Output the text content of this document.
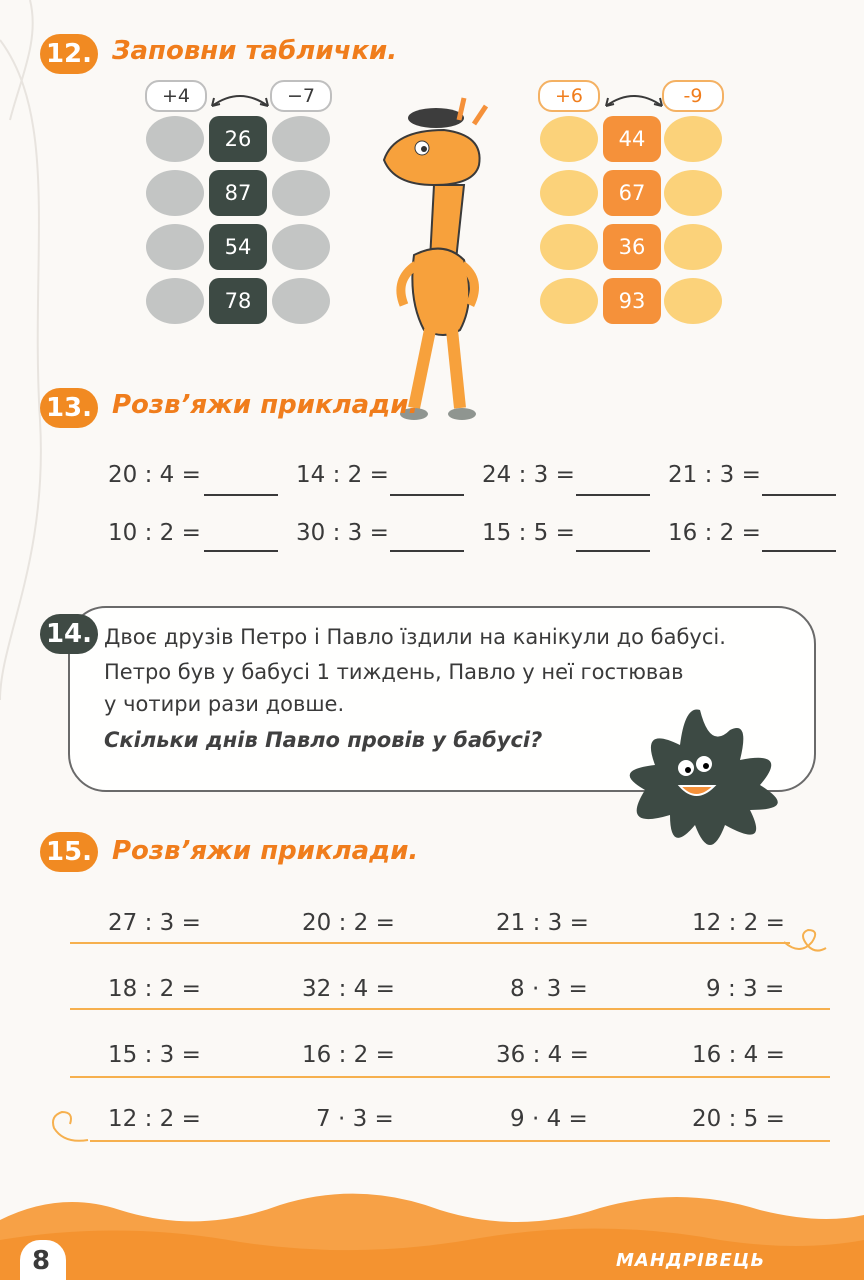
12. Заповни таблички.
+4	−7
26
87
54
78
+6	-9
44
67
36
93
13. Розв’яжи приклади.
20 : 4 =	14 : 2 =	24 : 3 =	21 : 3 =
10 : 2 =	30 : 3 =	15 : 5 =	16 : 2 =
14. Двоє друзів Петро і Павло їздили на канікули до бабусі.
Петро був у бабусі 1 тиждень, Павло у неї гостював
у чотири рази довше.
Скільки днів Павло провів у бабусі?
15. Розв’яжи приклади.
27 : 3 =	20 : 2 =	21 : 3 =	12 : 2 =
18 : 2 =	32 : 4 =	8 · 3 =	9 : 3 =
15 : 3 =	16 : 2 =	36 : 4 =	16 : 4 =
12 : 2 =	7 · 3 =	9 · 4 =	20 : 5 =
8	МАНДРІВЕЦЬ
